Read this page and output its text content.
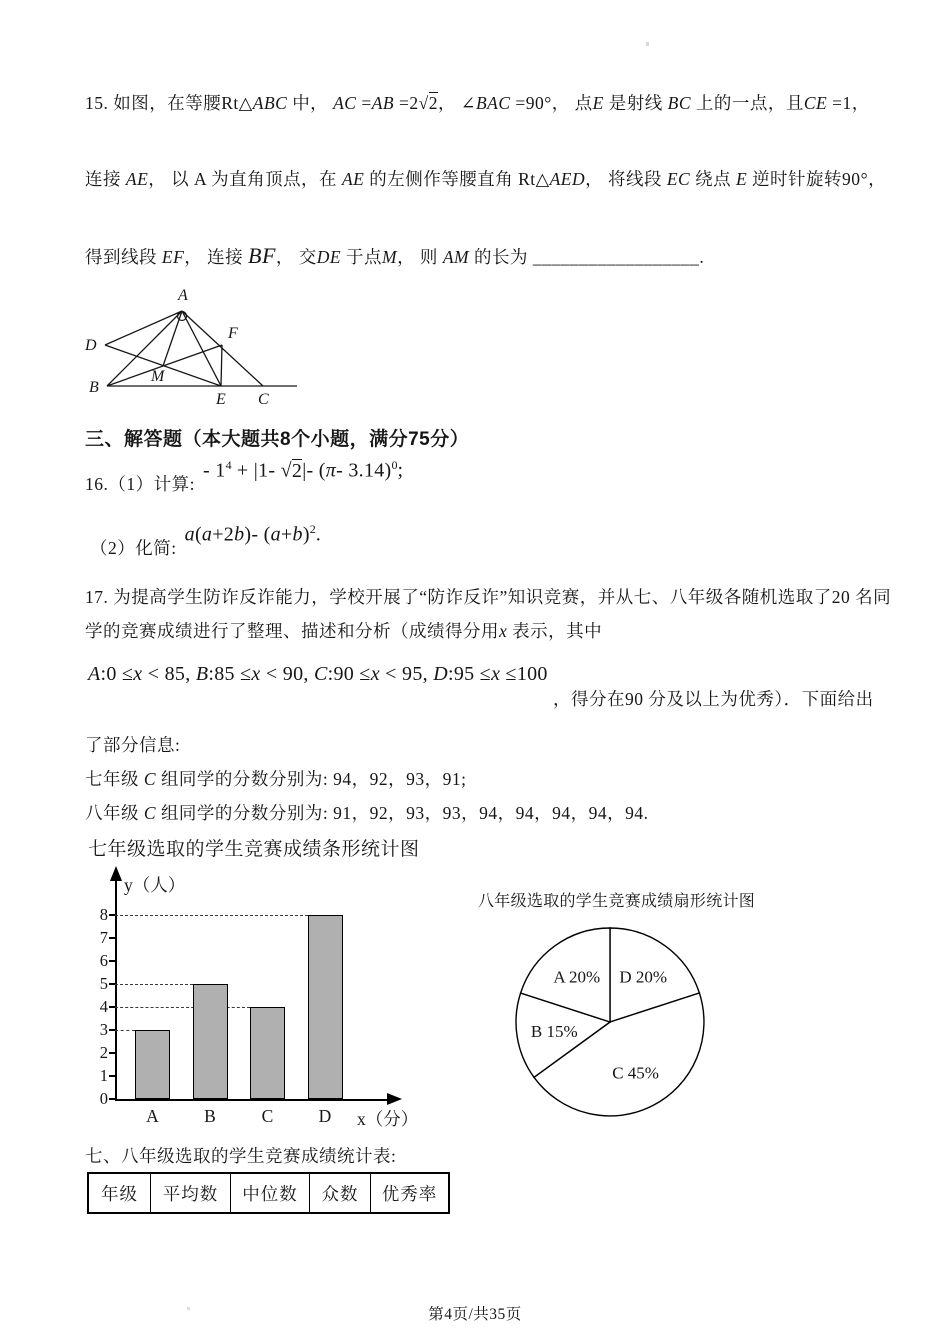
15. 如图，在等腰Rt△ABC 中， AC =AB =2√2， ∠BAC =90°， 点E 是射线 BC 上的一点，且CE =1，
连接 AE， 以 A 为直角顶点，在 AE 的左侧作等腰直角 Rt△AED， 将线段 EC 绕点 E 逆时针旋转90°，
得到线段 EF， 连接 BF， 交DE 于点M， 则 AM 的长为 __________________.
A
D
F
B
M
E C
三、解答题（本大题共8个小题，满分75分）
16.（1）计算:
- $1^4 + |1-$ √2|- (π- 3.14)$^0$;
（2）化简:
a(a+2b)- $(a+b)^2$.
17. 为提高学生防诈反诈能力，学校开展了“防诈反诈”知识竞赛，并从七、八年级各随机选取了20 名同
学的竞赛成绩进行了整理、描述和分析（成绩得分用x 表示，其中
A:0 ≤x < 85, B:85 ≤x < 90, C:90 ≤x < 95, D:95 ≤x ≤100
，得分在90 分及以上为优秀）．下面给出
了部分信息:
七年级 C 组同学的分数分别为: 94，92，93，91;
八年级 C 组同学的分数分别为: 91，92，93，93，94，94，94，94，94.
七年级选取的学生竞赛成绩条形统计图
y（人）
x（分）
0
1
2
3
4
5
6
7
8
A	B	C	D
八年级选取的学生竞赛成绩扇形统计图
D 20%
C 45%
B 15%
A 20%
七、八年级选取的学生竞赛成绩统计表:
年级	平均数	中位数	众数	优秀率
第4页/共35页
